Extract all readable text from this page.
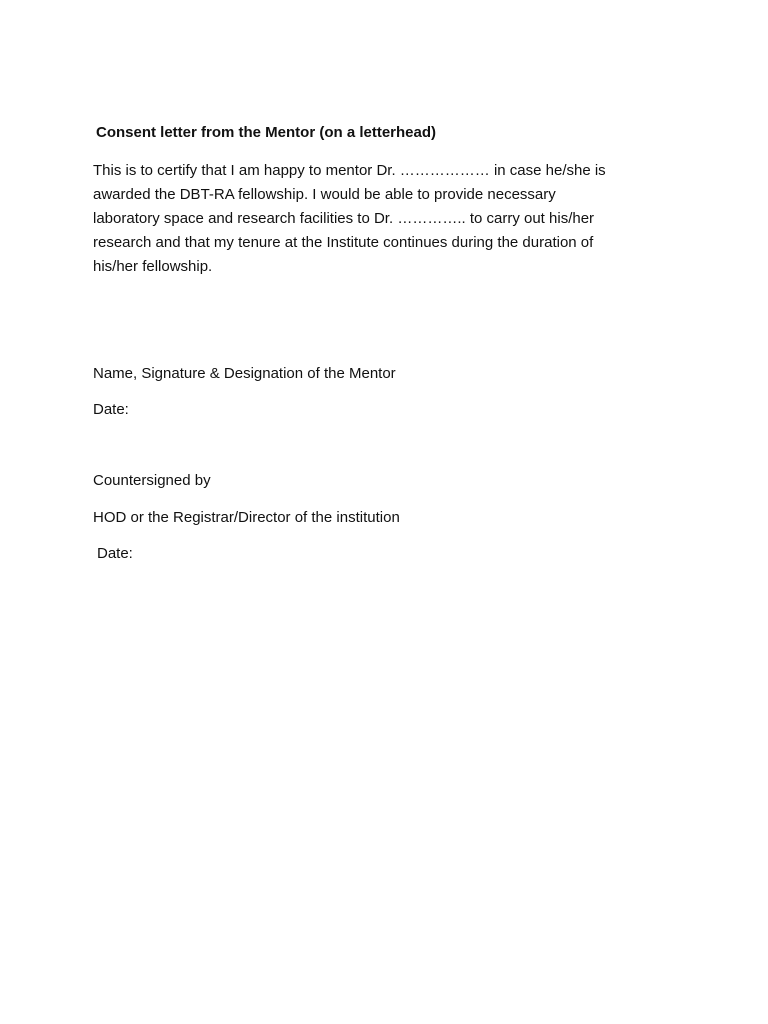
Consent letter from the Mentor (on a letterhead)

This is to certify that I am happy to mentor Dr. ……………… in case he/she is
awarded the DBT-RA fellowship. I would be able to provide necessary
laboratory space and research facilities to Dr. ………….. to carry out his/her
research and that my tenure at the Institute continues during the duration of
his/her fellowship.

Name, Signature & Designation of the Mentor

Date:

Countersigned by

HOD or the Registrar/Director of the institution

Date:
